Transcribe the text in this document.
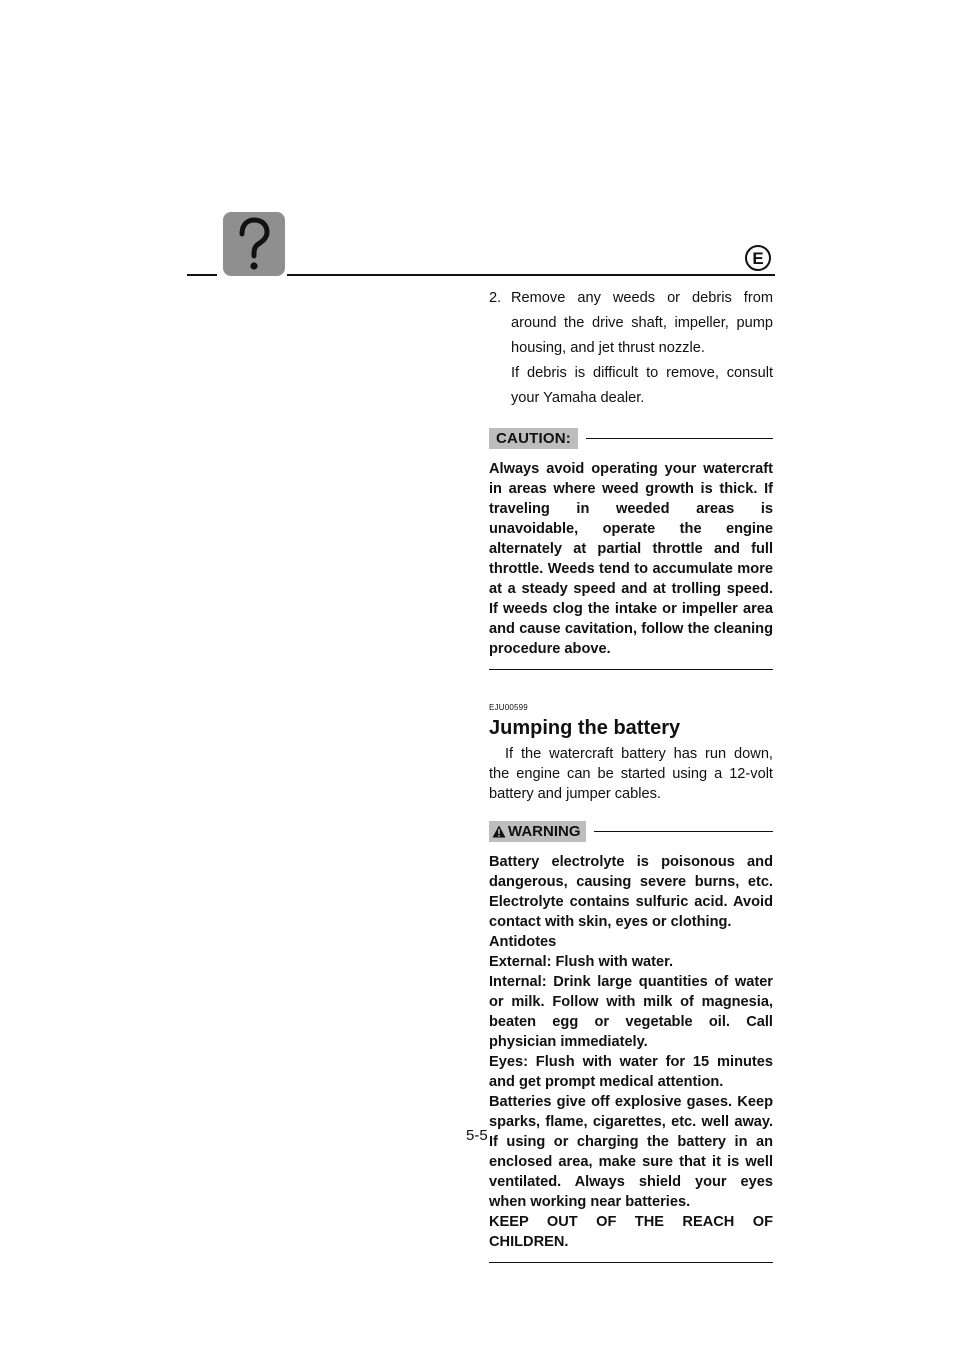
E
2. Remove any weeds or debris from around the drive shaft, impeller, pump housing, and jet thrust nozzle.

If debris is difficult to remove, consult your Yamaha dealer.

CAUTION:
Always avoid operating your watercraft in areas where weed growth is thick. If traveling in weeded areas is unavoidable, operate the engine alternately at partial throttle and full throttle. Weeds tend to accumulate more at a steady speed and at trolling speed. If weeds clog the intake or impeller area and cause cavitation, follow the cleaning procedure above.
EJU00599
Jumping the battery
If the watercraft battery has run down, the engine can be started using a 12-volt battery and jumper cables.
WARNING

Battery electrolyte is poisonous and dangerous, causing severe burns, etc. Electrolyte contains sulfuric acid. Avoid contact with skin, eyes or clothing.

Antidotes

External: Flush with water.

Internal: Drink large quantities of water or milk. Follow with milk of magnesia, beaten egg or vegetable oil. Call physician immediately.

Eyes: Flush with water for 15 minutes and get prompt medical attention.

Batteries give off explosive gases. Keep sparks, flame, cigarettes, etc. well away. If using or charging the battery in an enclosed area, make sure that it is well ventilated. Always shield your eyes when working near batteries.

KEEP OUT OF THE REACH OF CHILDREN.

5-5
